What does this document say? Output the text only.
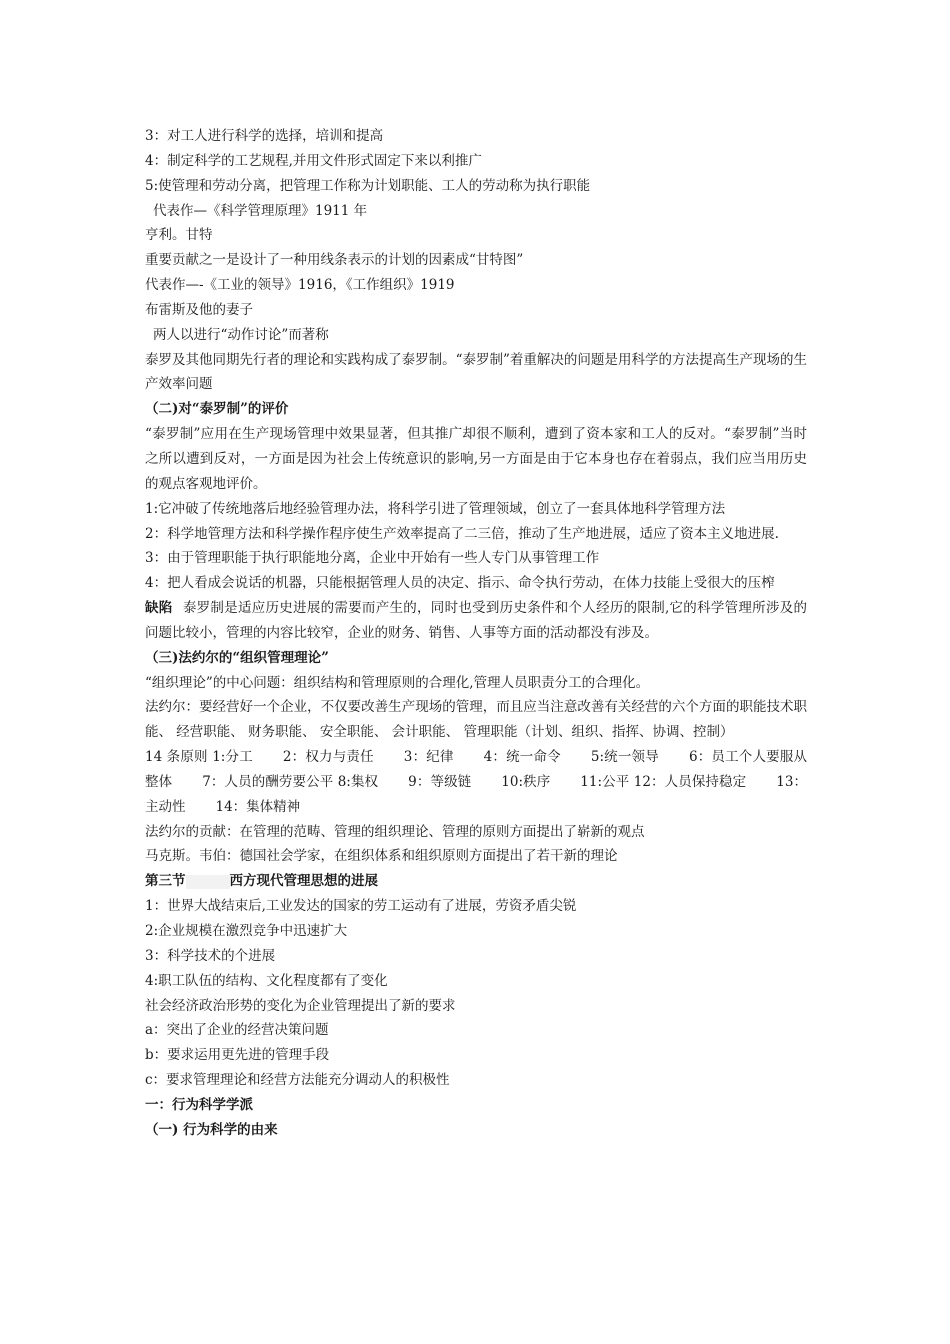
3：对工人进行科学的选择，培训和提高

4：制定科学的工艺规程,并用文件形式固定下来以利推广

5:使管理和劳动分离，把管理工作称为计划职能、工人的劳动称为执行职能

代表作—《科学管理原理》1911 年

亨利。甘特

重要贡献之一是设计了一种用线条表示的计划的因素成“甘特图”

代表作—-《工业的领导》1916，《工作组织》1919

布雷斯及他的妻子

两人以进行“动作讨论”而著称

泰罗及其他同期先行者的理论和实践构成了泰罗制。“泰罗制”着重解决的问题是用科学的方法提高生产现场的生产效率问题

（二)对“泰罗制”的评价

“泰罗制”应用在生产现场管理中效果显著，但其推广却很不顺利，遭到了资本家和工人的反对。“泰罗制”当时之所以遭到反对，一方面是因为社会上传统意识的影响,另一方面是由于它本身也存在着弱点，我们应当用历史的观点客观地评价。

1:它冲破了传统地落后地经验管理办法，将科学引进了管理领域，创立了一套具体地科学管理方法

2：科学地管理方法和科学操作程序使生产效率提高了二三倍，推动了生产地进展，适应了资本主义地进展.

3：由于管理职能于执行职能地分离，企业中开始有一些人专门从事管理工作

4：把人看成会说话的机器，只能根据管理人员的决定、指示、命令执行劳动，在体力技能上受很大的压榨

缺陷 泰罗制是适应历史进展的需要而产生的，同时也受到历史条件和个人经历的限制,它的科学管理所涉及的问题比较小，管理的内容比较窄，企业的财务、销售、人事等方面的活动都没有涉及。

（三)法约尔的“组织管理理论”

“组织理论”的中心问题：组织结构和管理原则的合理化,管理人员职责分工的合理化。

法约尔：要经营好一个企业，不仅要改善生产现场的管理，而且应当注意改善有关经营的六个方面的职能技术职能、 经营职能、 财务职能、 安全职能、 会计职能、 管理职能（计划、组织、指挥、协调、控制）

14 条原则 1:分工 2：权力与责任 3：纪律 4：统一命令 5:统一领导 6：员工个人要服从整体 7：人员的酬劳要公平 8:集权 9：等级链 10:秩序 11:公平 12：人员保持稳定 13：主动性 14：集体精神

法约尔的贡献：在管理的范畴、管理的组织理论、管理的原则方面提出了崭新的观点

马克斯。韦伯：德国社会学家，在组织体系和组织原则方面提出了若干新的理论

第三节	西方现代管理思想的进展

1：世界大战结束后,工业发达的国家的劳工运动有了进展，劳资矛盾尖锐

2:企业规模在激烈竞争中迅速扩大

3：科学技术的个进展

4:职工队伍的结构、文化程度都有了变化

社会经济政治形势的变化为企业管理提出了新的要求

a：突出了企业的经营决策问题

b：要求运用更先进的管理手段

c：要求管理理论和经营方法能充分调动人的积极性

一：行为科学学派

（一) 行为科学的由来
